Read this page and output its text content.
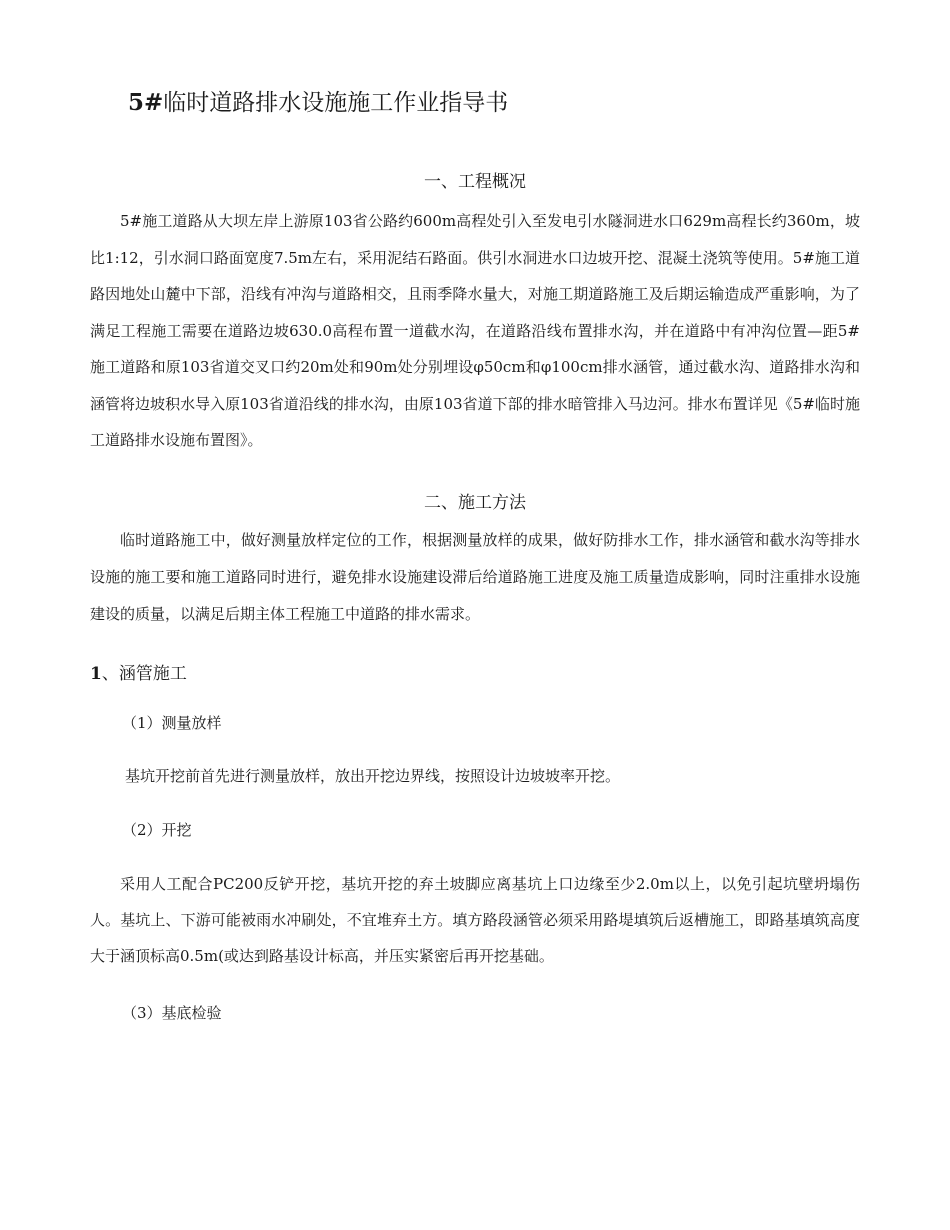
5#临时道路排水设施施工作业指导书
一、工程概况

5#施工道路从大坝左岸上游原103省公路约600m高程处引入至发电引水隧洞进水口629m高程长约360m，坡比1:12，引水洞口路面宽度7.5m左右，采用泥结石路面。供引水洞进水口边坡开挖、混凝土浇筑等使用。5#施工道路因地处山麓中下部，沿线有冲沟与道路相交，且雨季降水量大，对施工期道路施工及后期运输造成严重影响，为了满足工程施工需要在道路边坡630.0高程布置一道截水沟，在道路沿线布置排水沟，并在道路中有冲沟位置—距5#施工道路和原103省道交叉口约20m处和90m处分别埋设φ50cm和φ100cm排水涵管，通过截水沟、道路排水沟和涵管将边坡积水导入原103省道沿线的排水沟，由原103省道下部的排水暗管排入马边河。排水布置详见《5#临时施工道路排水设施布置图》。

二、施工方法

临时道路施工中，做好测量放样定位的工作，根据测量放样的成果，做好防排水工作，排水涵管和截水沟等排水设施的施工要和施工道路同时进行，避免排水设施建设滞后给道路施工进度及施工质量造成影响，同时注重排水设施建设的质量，以满足后期主体工程施工中道路的排水需求。

1、涵管施工
（1）测量放样
基坑开挖前首先进行测量放样，放出开挖边界线，按照设计边坡坡率开挖。
（2）开挖

采用人工配合PC200反铲开挖，基坑开挖的弃土坡脚应离基坑上口边缘至少2.0m以上，以免引起坑壁坍塌伤人。基坑上、下游可能被雨水冲刷处，不宜堆弃土方。填方路段涵管必须采用路堤填筑后返槽施工，即路基填筑高度大于涵顶标高0.5m(或达到路基设计标高，并压实紧密后再开挖基础。

（3）基底检验
